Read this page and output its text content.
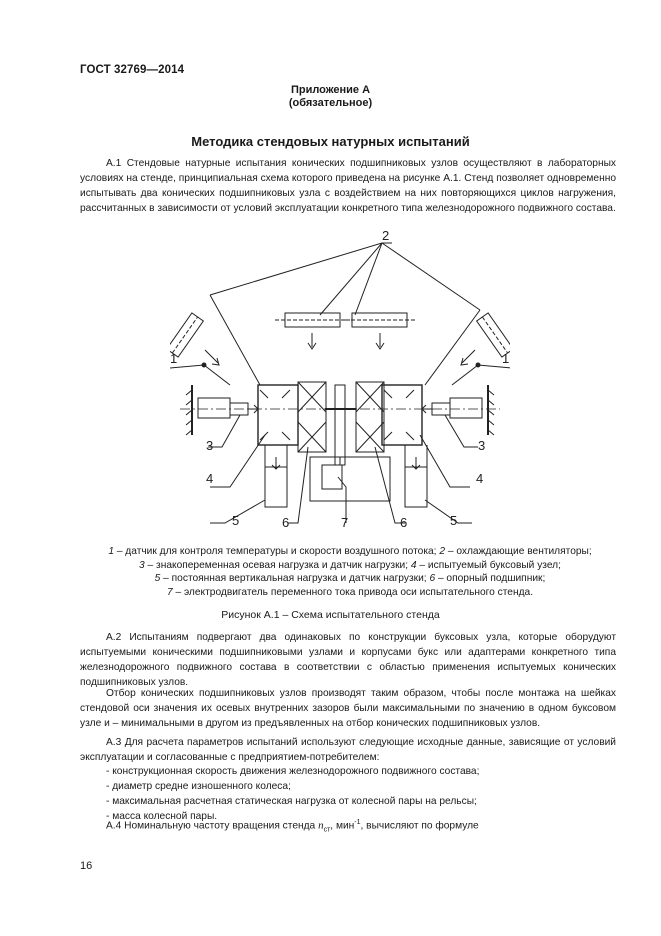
ГОСТ 32769—2014
Приложение А
(обязательное)
Методика стендовых натурных испытаний

А.1 Стендовые натурные испытания конических подшипниковых узлов осуществляют в лабораторных условиях на стенде, принципиальная схема которого приведена на рисунке А.1. Стенд позволяет одновременно испытывать два конических подшипниковых узла с воздействием на них повторяющихся циклов нагружения, рассчитанных в зависимости от условий эксплуатации конкретного типа железнодорожного подвижного состава.

2
1	1
3	3
4	4
5	5
6	6
7
1 – датчик для контроля температуры и скорости воздушного потока; 2 – охлаждающие вентиляторы;
3 – знакопеременная осевая нагрузка и датчик нагрузки; 4 – испытуемый буксовый узел;
5 – постоянная вертикальная нагрузка и датчик нагрузки; 6 – опорный подшипник;
7 – электродвигатель переменного тока привода оси испытательного стенда.
Рисунок А.1 – Схема испытательного стенда

А.2 Испытаниям подвергают два одинаковых по конструкции буксовых узла, которые оборудуют испытуемыми коническими подшипниковыми узлами и корпусами букс или адаптерами конкретного типа железнодорожного подвижного состава в соответствии с областью применения испытуемых конических подшипниковых узлов.

Отбор конических подшипниковых узлов производят таким образом, чтобы после монтажа на шейках стендовой оси значения их осевых внутренних зазоров были максимальными по значению в одном буксовом узле и – минимальными в другом из предъявленных на отбор конических подшипниковых узлов.

А.3 Для расчета параметров испытаний используют следующие исходные данные, зависящие от условий эксплуатации и согласованные с предприятием-потребителем:

- конструкционная скорость движения железнодорожного подвижного состава;
- диаметр средне изношенного колеса;
- максимальная расчетная статическая нагрузка от колесной пары на рельсы;
- масса колесной пары.
А.4 Номинальную частоту вращения стенда $n_{ст}$, мин$^{-1}$, вычисляют по формуле
16
